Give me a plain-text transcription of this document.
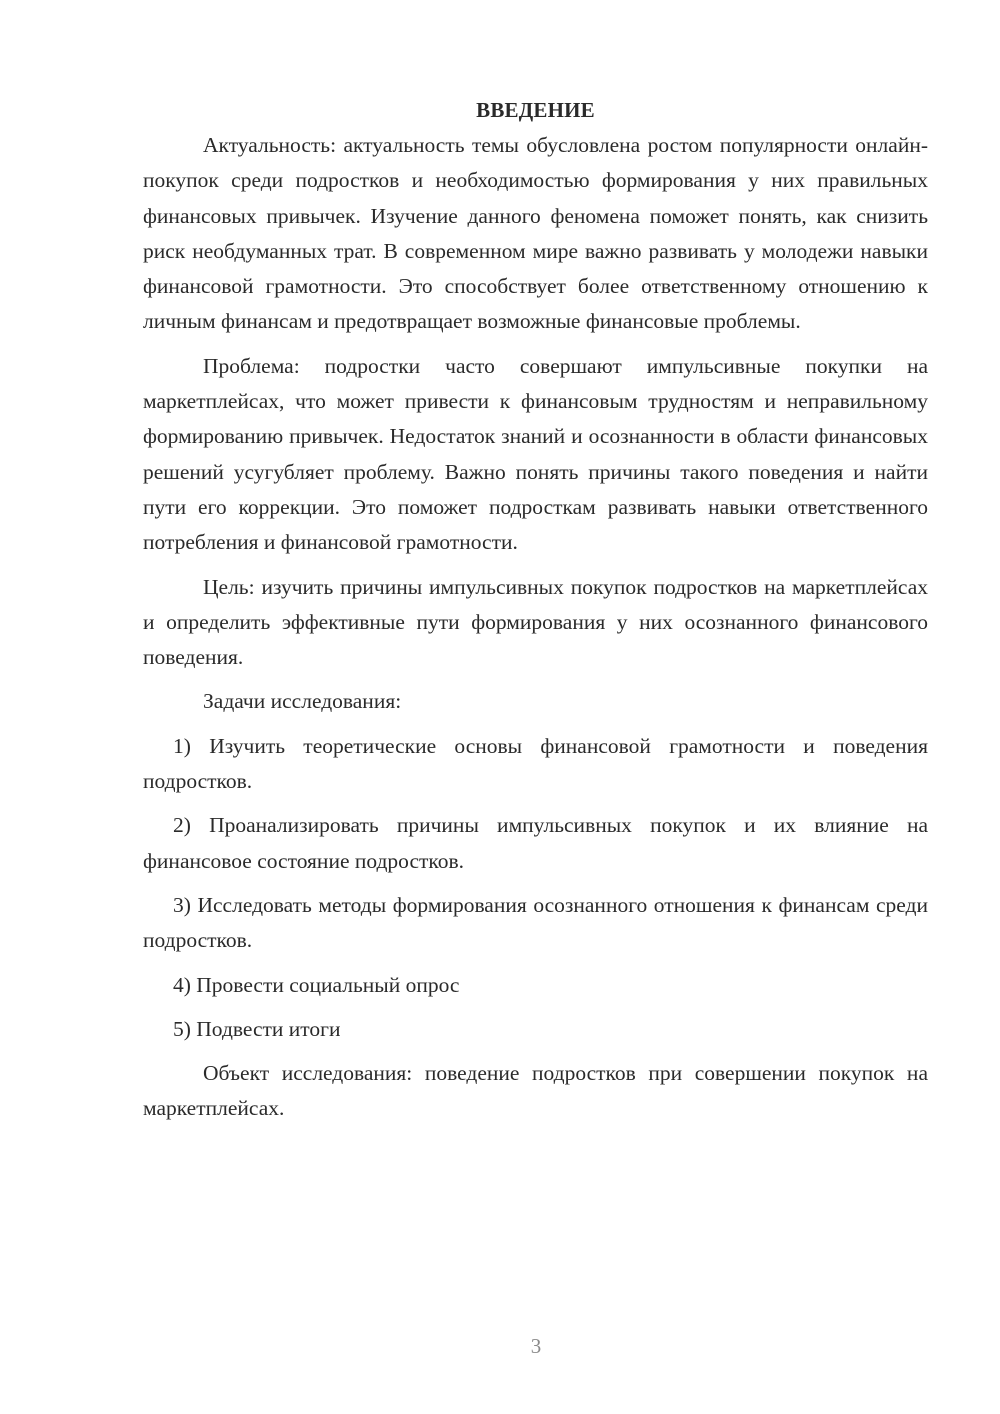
ВВЕДЕНИЕ

Актуальность: актуальность темы обусловлена ростом популярности онлайн-покупок среди подростков и необходимостью формирования у них правильных финансовых привычек. Изучение данного феномена поможет понять, как снизить риск необдуманных трат. В современном мире важно развивать у молодежи навыки финансовой грамотности. Это способствует более ответственному отношению к личным финансам и предотвращает возможные финансовые проблемы.

Проблема: подростки часто совершают импульсивные покупки на маркетплейсах, что может привести к финансовым трудностям и неправильному формированию привычек. Недостаток знаний и осознанности в области финансовых решений усугубляет проблему. Важно понять причины такого поведения и найти пути его коррекции. Это поможет подросткам развивать навыки ответственного потребления и финансовой грамотности.

Цель: изучить причины импульсивных покупок подростков на маркетплейсах и определить эффективные пути формирования у них осознанного финансового поведения.

Задачи исследования:

1) Изучить теоретические основы финансовой грамотности и поведения подростков.

2) Проанализировать причины импульсивных покупок и их влияние на финансовое состояние подростков.

3) Исследовать методы формирования осознанного отношения к финансам среди подростков.

4) Провести социальный опрос

5) Подвести итоги

Объект исследования: поведение подростков при совершении покупок на маркетплейсах.

3
